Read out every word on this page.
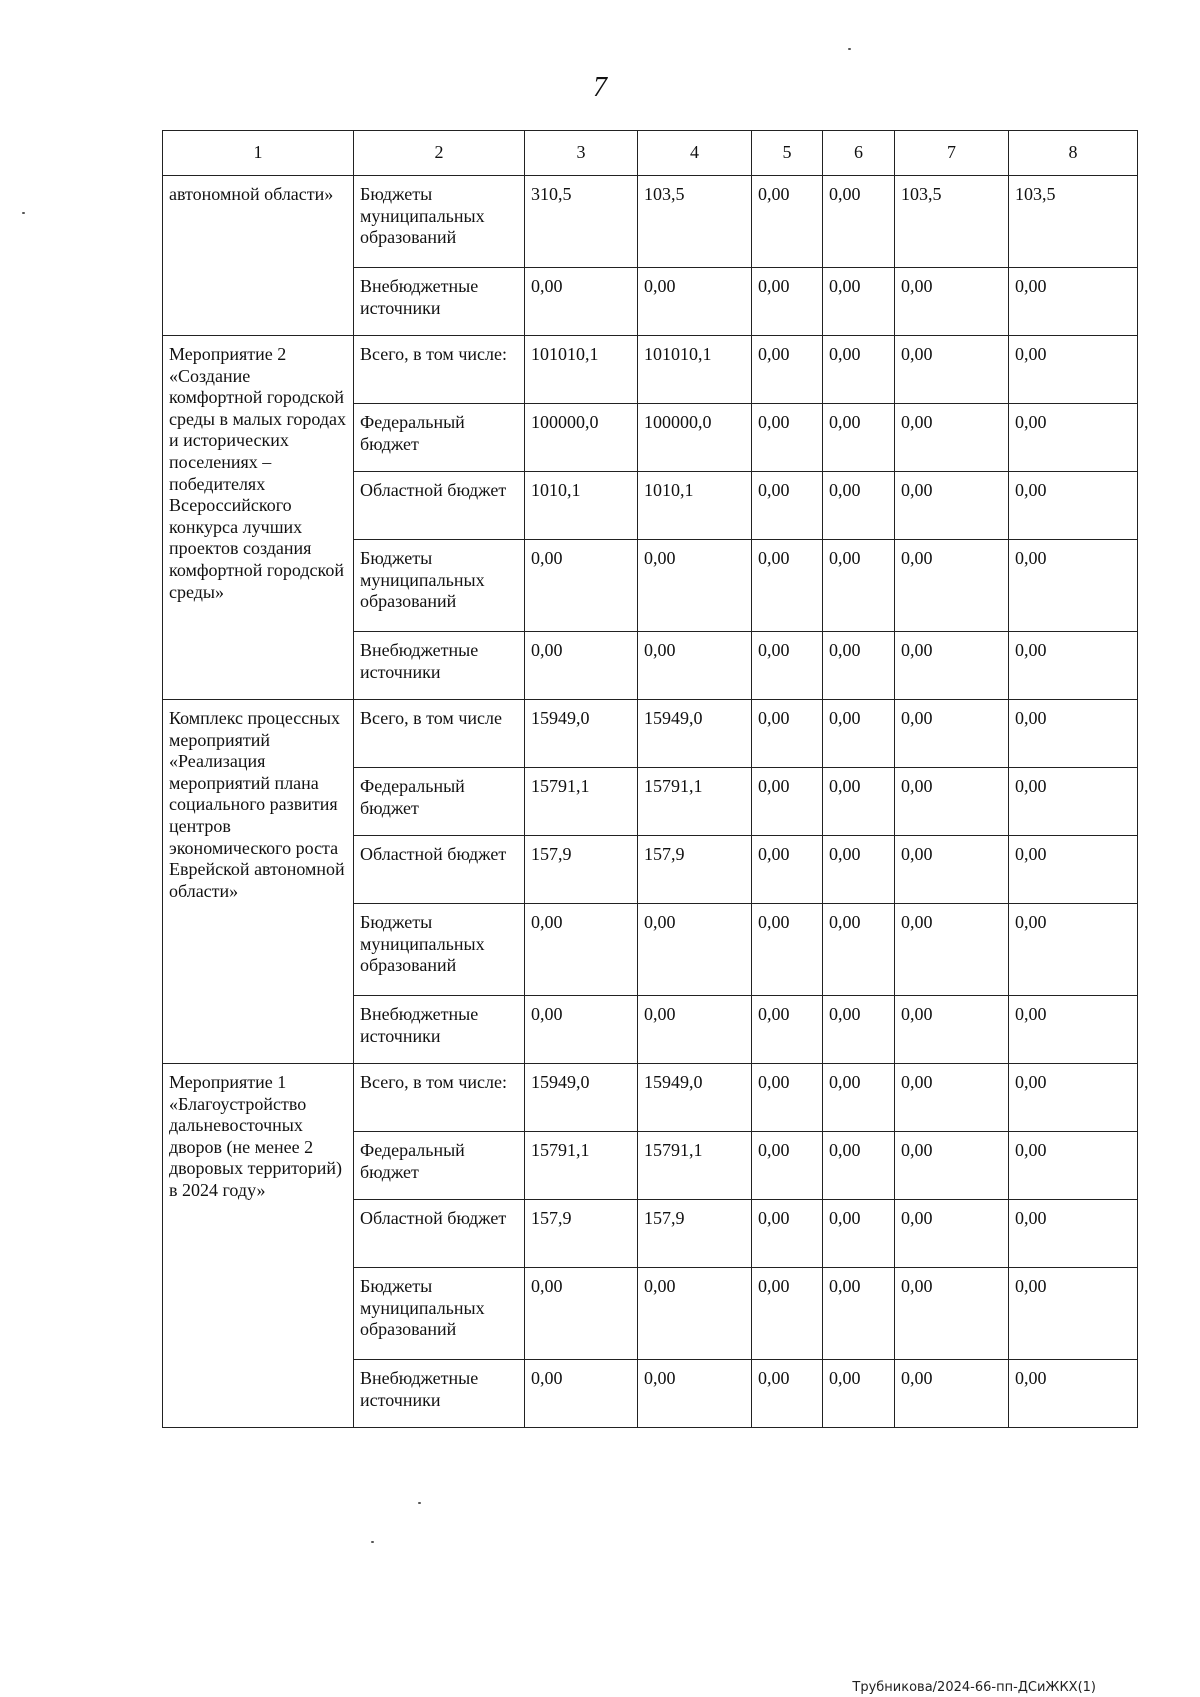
7
1	2	3	4	5	6	7	8
автономной области»	Бюджеты муниципальных образований	310,5	103,5	0,00	0,00	103,5	103,5
	Внебюджетные источники	0,00	0,00	0,00	0,00	0,00	0,00
Мероприятие 2 «Создание комфортной городской среды в малых городах и исторических поселениях – победителях Всероссийского конкурса лучших проектов создания комфортной городской среды»	Всего, в том числе:	101010,1	101010,1	0,00	0,00	0,00	0,00
	Федеральный бюджет	100000,0	100000,0	0,00	0,00	0,00	0,00
	Областной бюджет	1010,1	1010,1	0,00	0,00	0,00	0,00
	Бюджеты муниципальных образований	0,00	0,00	0,00	0,00	0,00	0,00
	Внебюджетные источники	0,00	0,00	0,00	0,00	0,00	0,00
Комплекс процессных мероприятий «Реализация мероприятий плана социального развития центров экономического роста Еврейской автономной области»	Всего, в том числе	15949,0	15949,0	0,00	0,00	0,00	0,00
	Федеральный бюджет	15791,1	15791,1	0,00	0,00	0,00	0,00
	Областной бюджет	157,9	157,9	0,00	0,00	0,00	0,00
	Бюджеты муниципальных образований	0,00	0,00	0,00	0,00	0,00	0,00
	Внебюджетные источники	0,00	0,00	0,00	0,00	0,00	0,00
Мероприятие 1 «Благоустройство дальневосточных дворов (не менее 2 дворовых территорий) в 2024 году»	Всего, в том числе:	15949,0	15949,0	0,00	0,00	0,00	0,00
	Федеральный бюджет	15791,1	15791,1	0,00	0,00	0,00	0,00
	Областной бюджет	157,9	157,9	0,00	0,00	0,00	0,00
	Бюджеты муниципальных образований	0,00	0,00	0,00	0,00	0,00	0,00
	Внебюджетные источники	0,00	0,00	0,00	0,00	0,00	0,00
Трубникова/2024-66-пп-ДСиЖКХ(1)
